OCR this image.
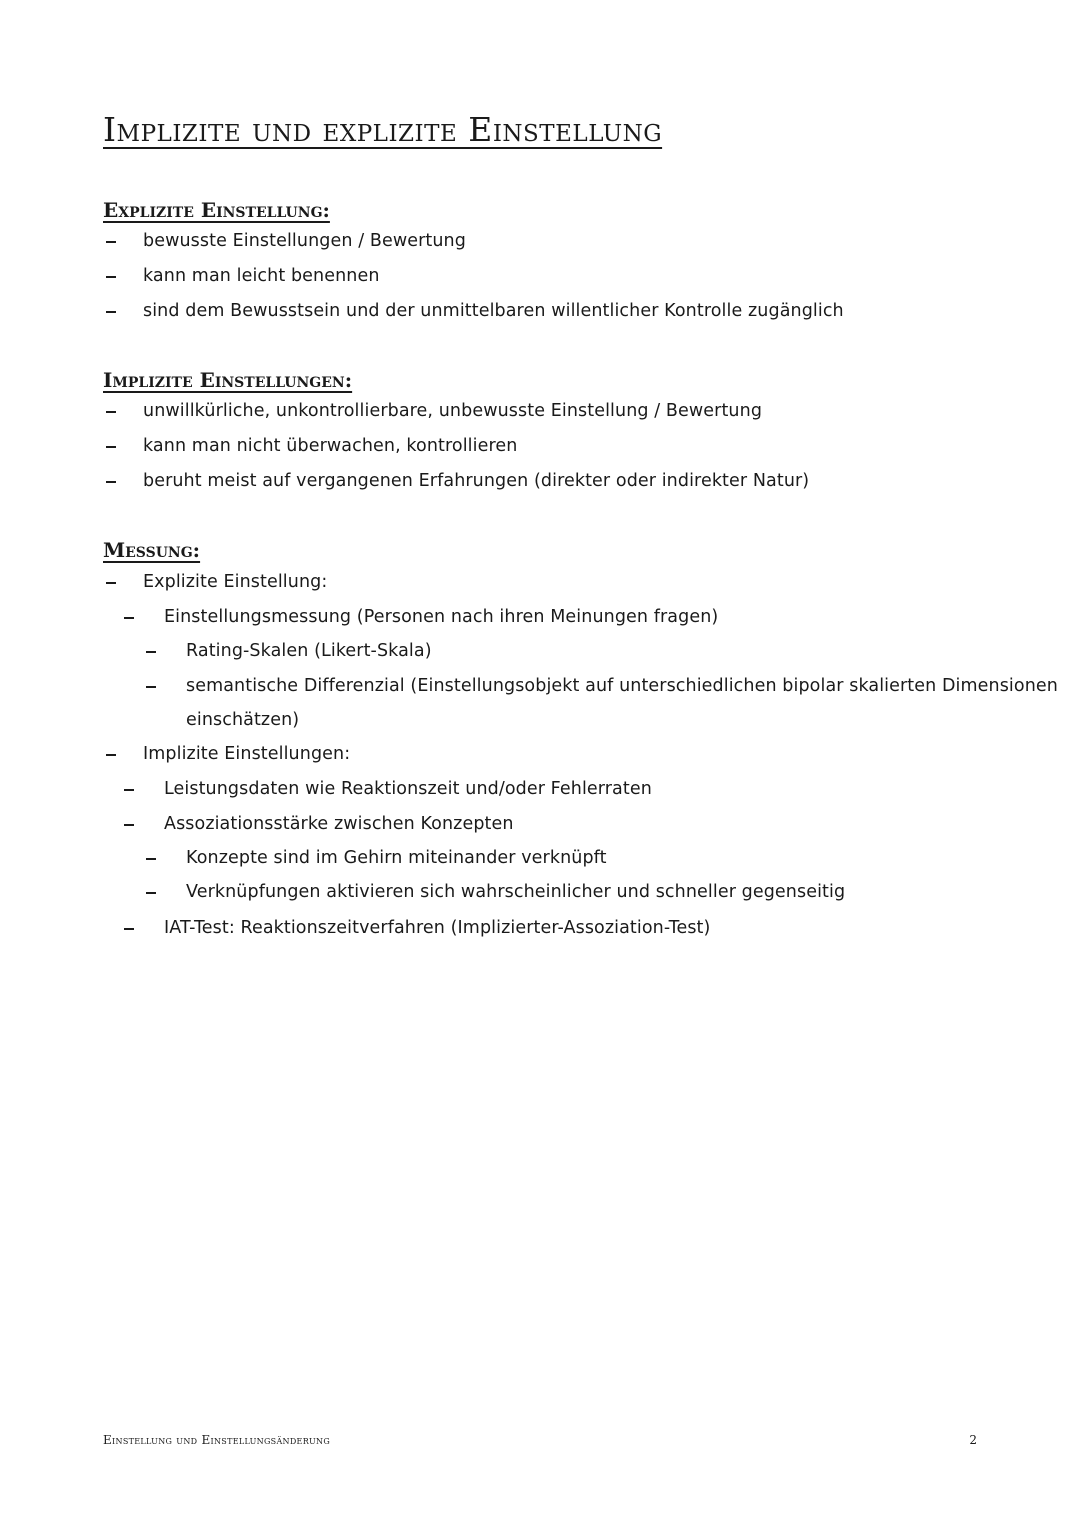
Implizite und explizite Einstellung
Explizite Einstellung:
bewusste Einstellungen / Bewertung
kann man leicht benennen
sind dem Bewusstsein und der unmittelbaren willentlicher Kontrolle zugänglich
Implizite Einstellungen:
unwillkürliche, unkontrollierbare, unbewusste Einstellung / Bewertung
kann man nicht überwachen, kontrollieren
beruht meist auf vergangenen Erfahrungen (direkter oder indirekter Natur)
Messung:
Explizite Einstellung:
Einstellungsmessung (Personen nach ihren Meinungen fragen)
Rating-Skalen (Likert-Skala)
semantische Differenzial (Einstellungsobjekt auf unterschiedlichen bipolar skalierten Dimensionen
einschätzen)
Implizite Einstellungen:
Leistungsdaten wie Reaktionszeit und/oder Fehlerraten
Assoziationsstärke zwischen Konzepten
Konzepte sind im Gehirn miteinander verknüpft
Verknüpfungen aktivieren sich wahrscheinlicher und schneller gegenseitig
IAT-Test: Reaktionszeitverfahren (Implizierter-Assoziation-Test)
Einstellung und Einstellungsänderung	2
